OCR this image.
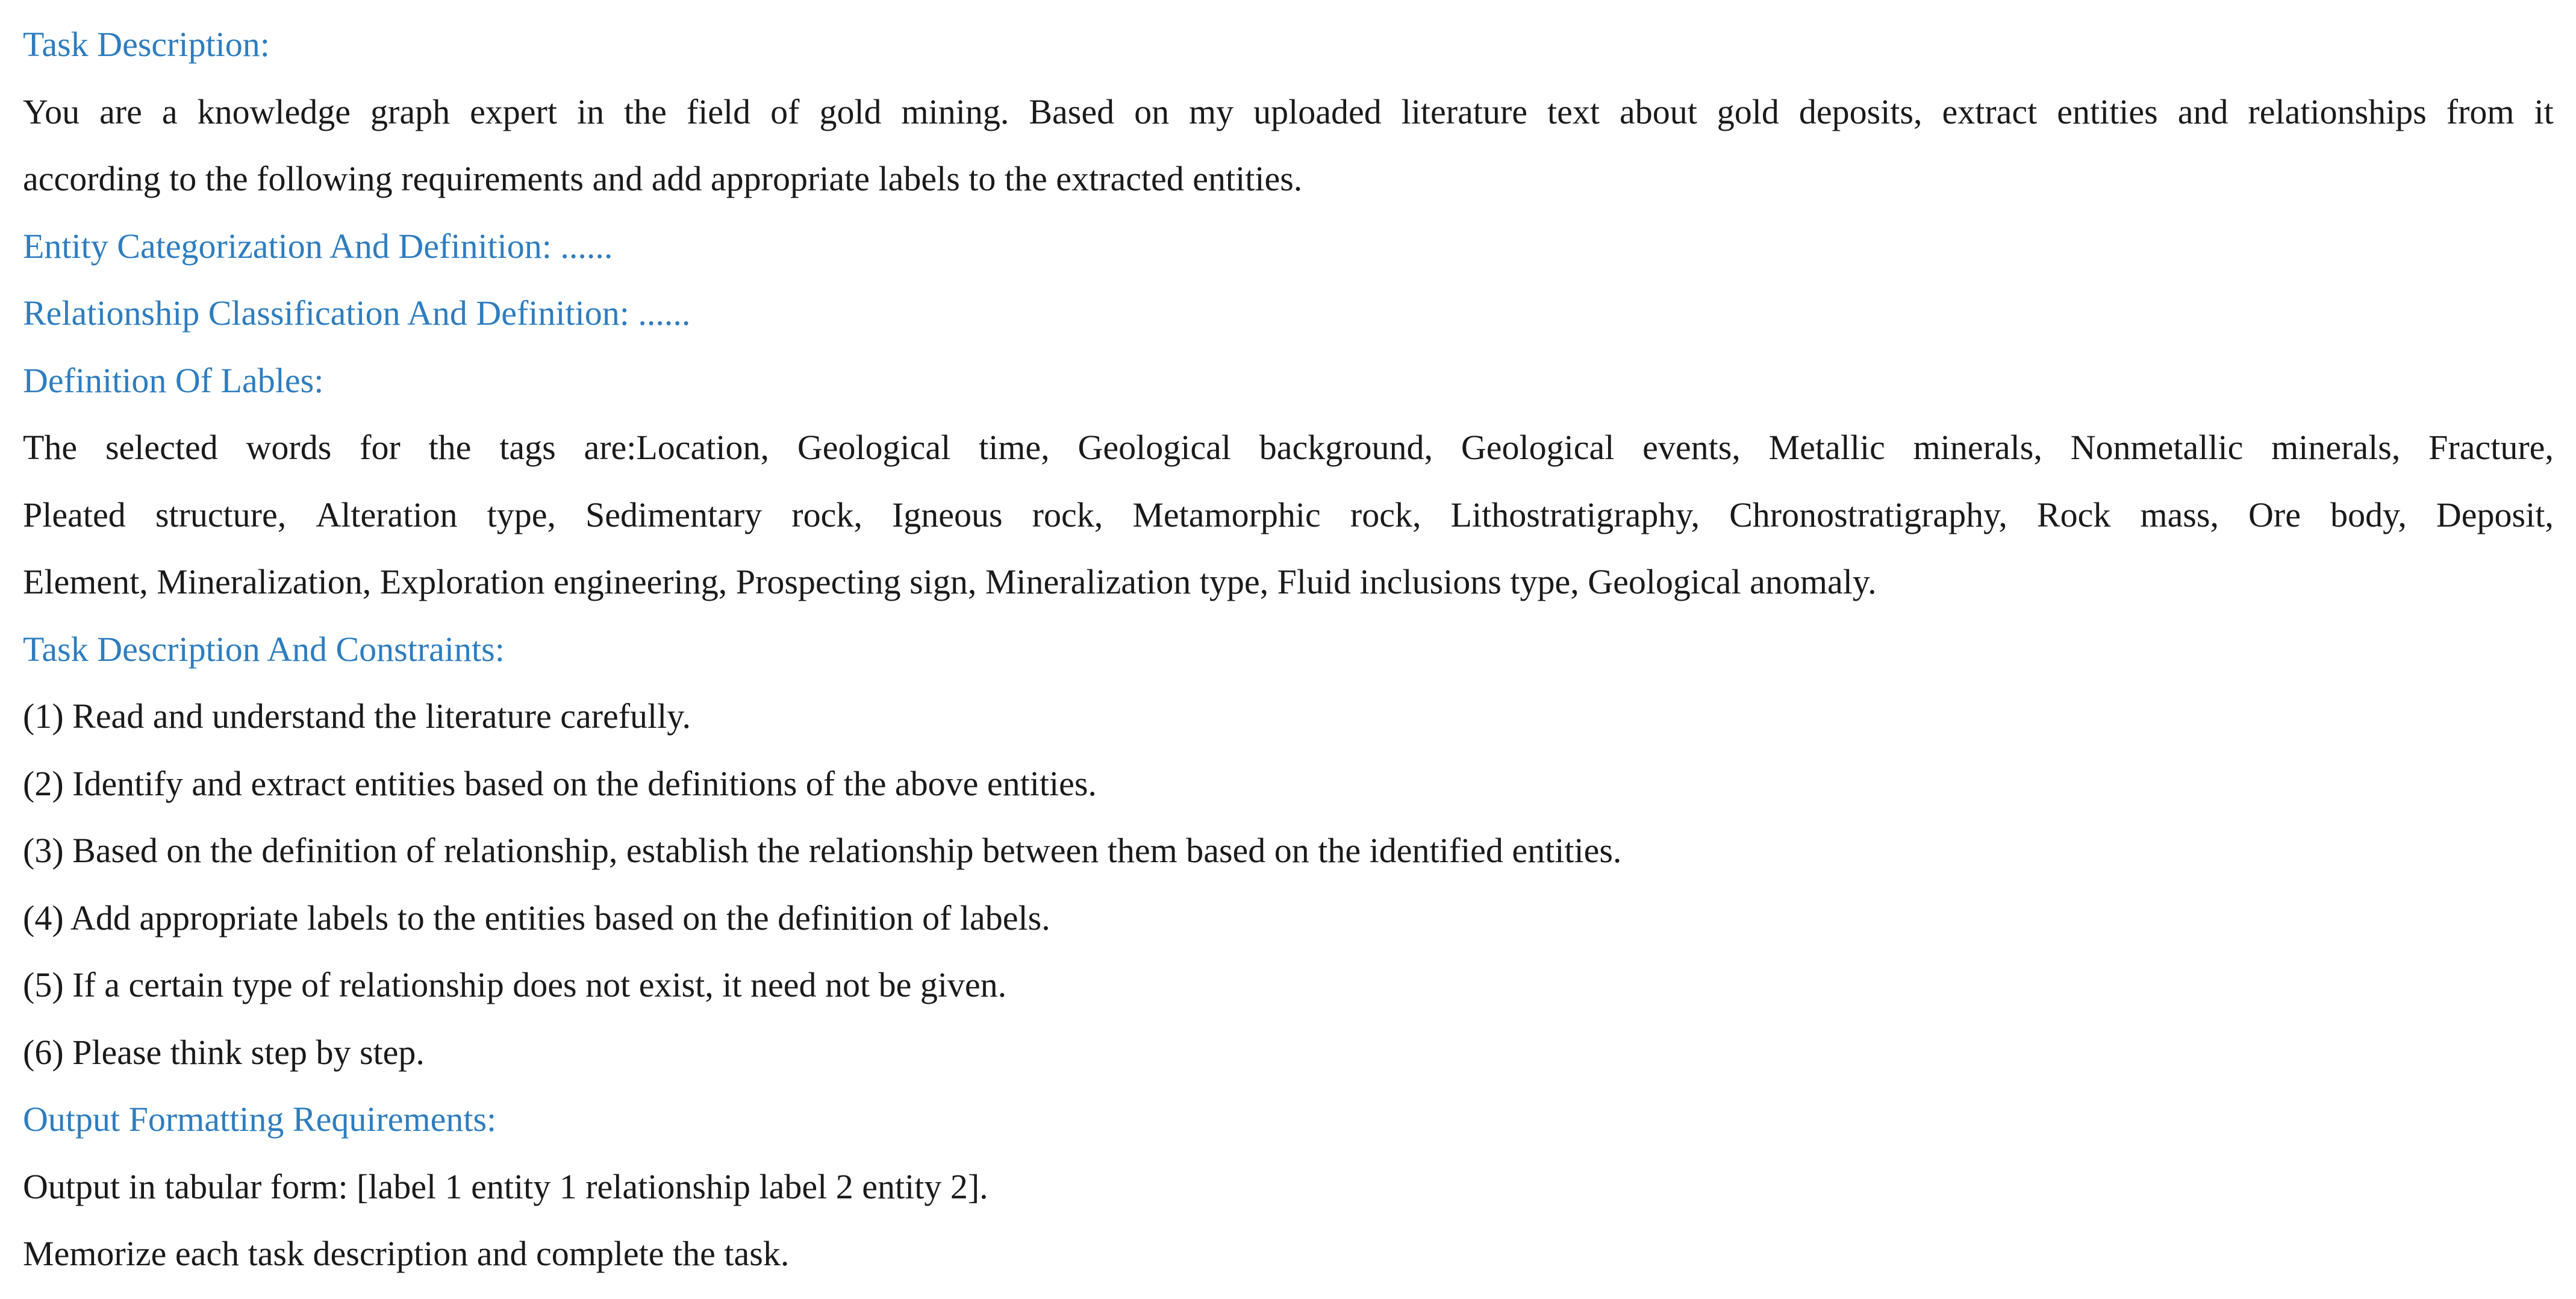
Task Description:
You are a knowledge graph expert in the field of gold mining. Based on my uploaded literature text about gold deposits, extract entities and relationships from it
according to the following requirements and add appropriate labels to the extracted entities.
Entity Categorization And Definition: ......
Relationship Classification And Definition: ......
Definition Of Lables:
The selected words for the tags are:Location, Geological time, Geological background, Geological events, Metallic minerals, Nonmetallic minerals, Fracture,
Pleated structure, Alteration type, Sedimentary rock, Igneous rock, Metamorphic rock, Lithostratigraphy, Chronostratigraphy, Rock mass, Ore body, Deposit,
Element, Mineralization, Exploration engineering, Prospecting sign, Mineralization type, Fluid inclusions type, Geological anomaly.
Task Description And Constraints:
(1) Read and understand the literature carefully.
(2) Identify and extract entities based on the definitions of the above entities.
(3) Based on the definition of relationship, establish the relationship between them based on the identified entities.
(4) Add appropriate labels to the entities based on the definition of labels.
(5) If a certain type of relationship does not exist, it need not be given.
(6) Please think step by step.
Output Formatting Requirements:
Output in tabular form: [label 1 entity 1 relationship label 2 entity 2].
Memorize each task description and complete the task.
